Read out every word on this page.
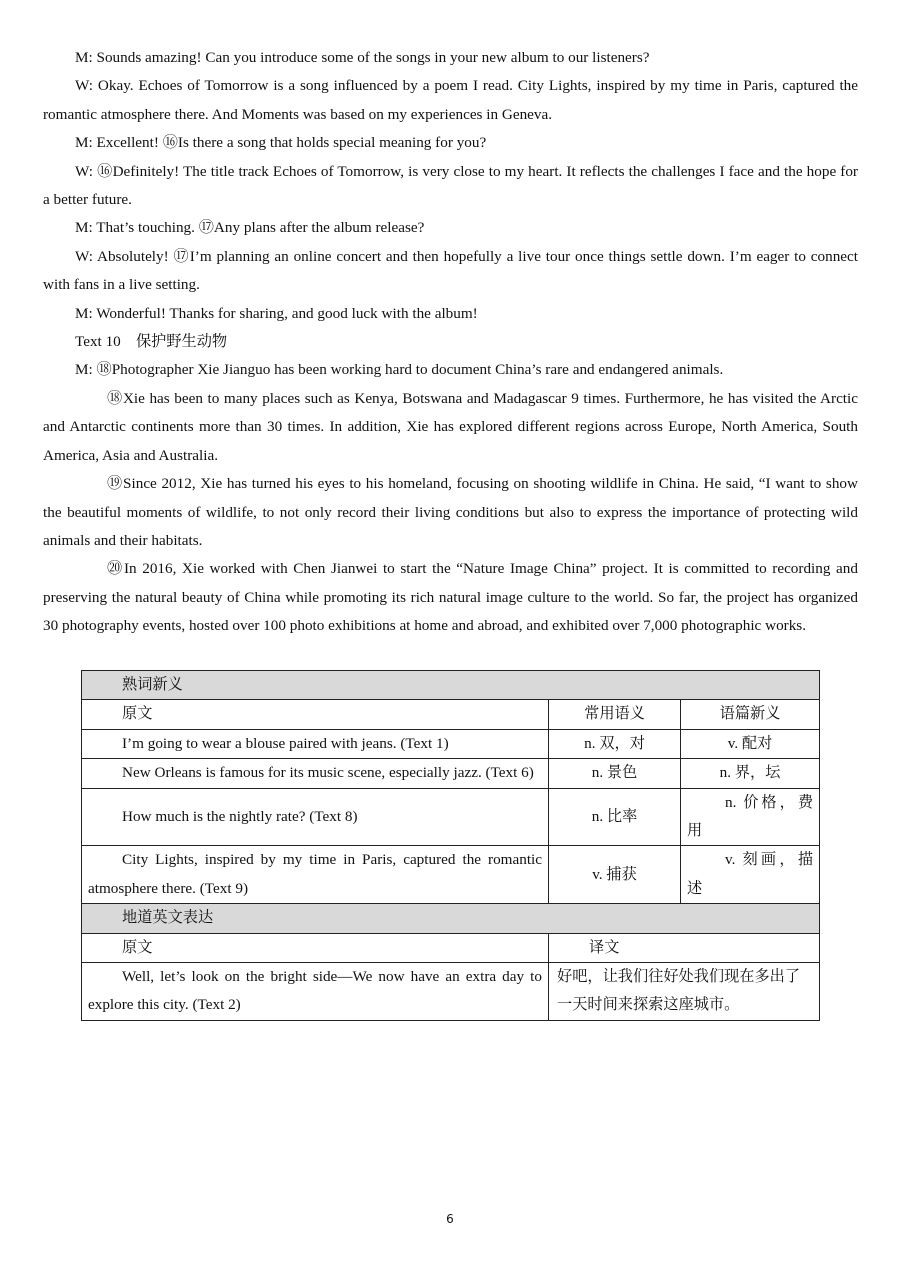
M: Sounds amazing! Can you introduce some of the songs in your new album to our listeners?

W: Okay. Echoes of Tomorrow is a song influenced by a poem I read. City Lights, inspired by my time in Paris, captured the romantic atmosphere there. And Moments was based on my experiences in Geneva.

M: Excellent! ⑯Is there a song that holds special meaning for you?

W: ⑯Definitely! The title track Echoes of Tomorrow, is very close to my heart. It reflects the challenges I face and the hope for a better future.

M: That’s touching. ⑰Any plans after the album release?

W: Absolutely! ⑰I’m planning an online concert and then hopefully a live tour once things settle down. I’m eager to connect with fans in a live setting.

M: Wonderful! Thanks for sharing, and good luck with the album!

Text 10　保护野生动物

M: ⑱Photographer Xie Jianguo has been working hard to document China’s rare and endangered animals.

⑱Xie has been to many places such as Kenya, Botswana and Madagascar 9 times. Furthermore, he has visited the Arctic and Antarctic continents more than 30 times. In addition, Xie has explored different regions across Europe, North America, South America, Asia and Australia.

⑲Since 2012, Xie has turned his eyes to his homeland, focusing on shooting wildlife in China. He said, “I want to show the beautiful moments of wildlife, to not only record their living conditions but also to express the importance of protecting wild animals and their habitats.

⑳In 2016, Xie worked with Chen Jianwei to start the “Nature Image China” project. It is committed to recording and preserving the natural beauty of China while promoting its rich natural image culture to the world. So far, the project has organized 30 photography events, hosted over 100 photo exhibitions at home and abroad, and exhibited over 7,000 photographic works.

熟词新义		
原文	常用语义	语篇新义
I’m going to wear a blouse paired with jeans. (Text 1)	n. 双，对	v. 配对
New Orleans is famous for its music scene, especially jazz. (Text 6)	n. 景色	n. 界，坛
How much is the nightly rate? (Text 8)	n. 比率	n. 价格，费用
City Lights, inspired by my time in Paris, captured the romantic atmosphere there. (Text 9)	v. 捕获	v. 刻画，描述
地道英文表达		
原文	译文	
Well, let’s look on the bright side—We now have an extra day to explore this city. (Text 2)	好吧，让我们往好处我们现在多出了一天时间来探索这座城市。	
6
